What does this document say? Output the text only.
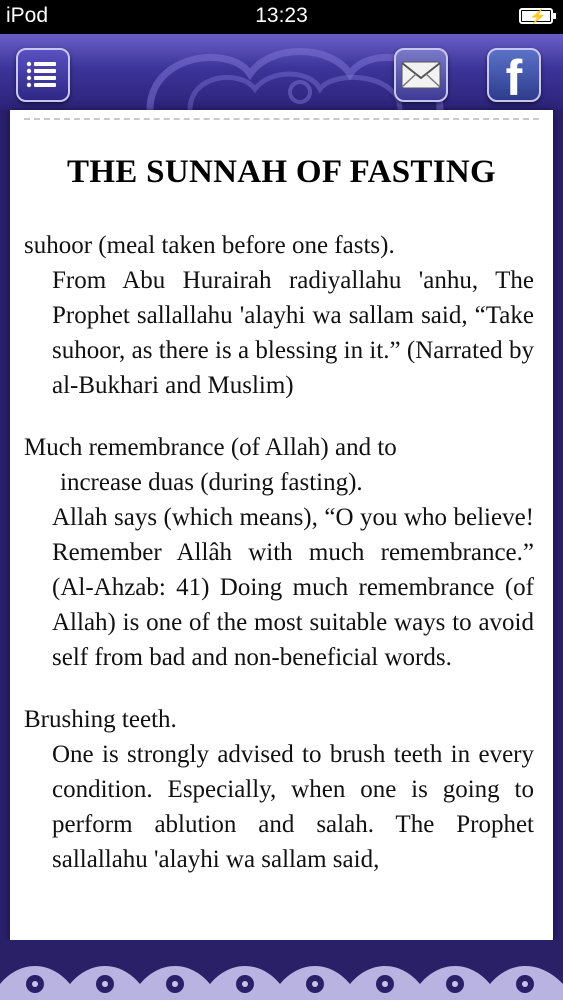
iPod	13:23	⚡
f
THE SUNNAH OF FASTING
suhoor (meal taken before one fasts).
From Abu Hurairah radiyallahu 'anhu, The Prophet sallallahu 'alayhi wa sallam said, “Take suhoor, as there is a blessing in it.” (Narrated by al-Bukhari and Muslim)
Much remembrance (of Allah) and to
increase duas (during fasting).
Allah says (which means), “O you who believe! Remember Allâh with much remembrance.” (Al-Ahzab: 41) Doing much remembrance (of Allah) is one of the most suitable ways to avoid self from bad and non-beneficial words.
Brushing teeth.
One is strongly advised to brush teeth in every condition. Especially, when one is going to perform ablution and salah. The Prophet sallallahu 'alayhi wa sallam said,
